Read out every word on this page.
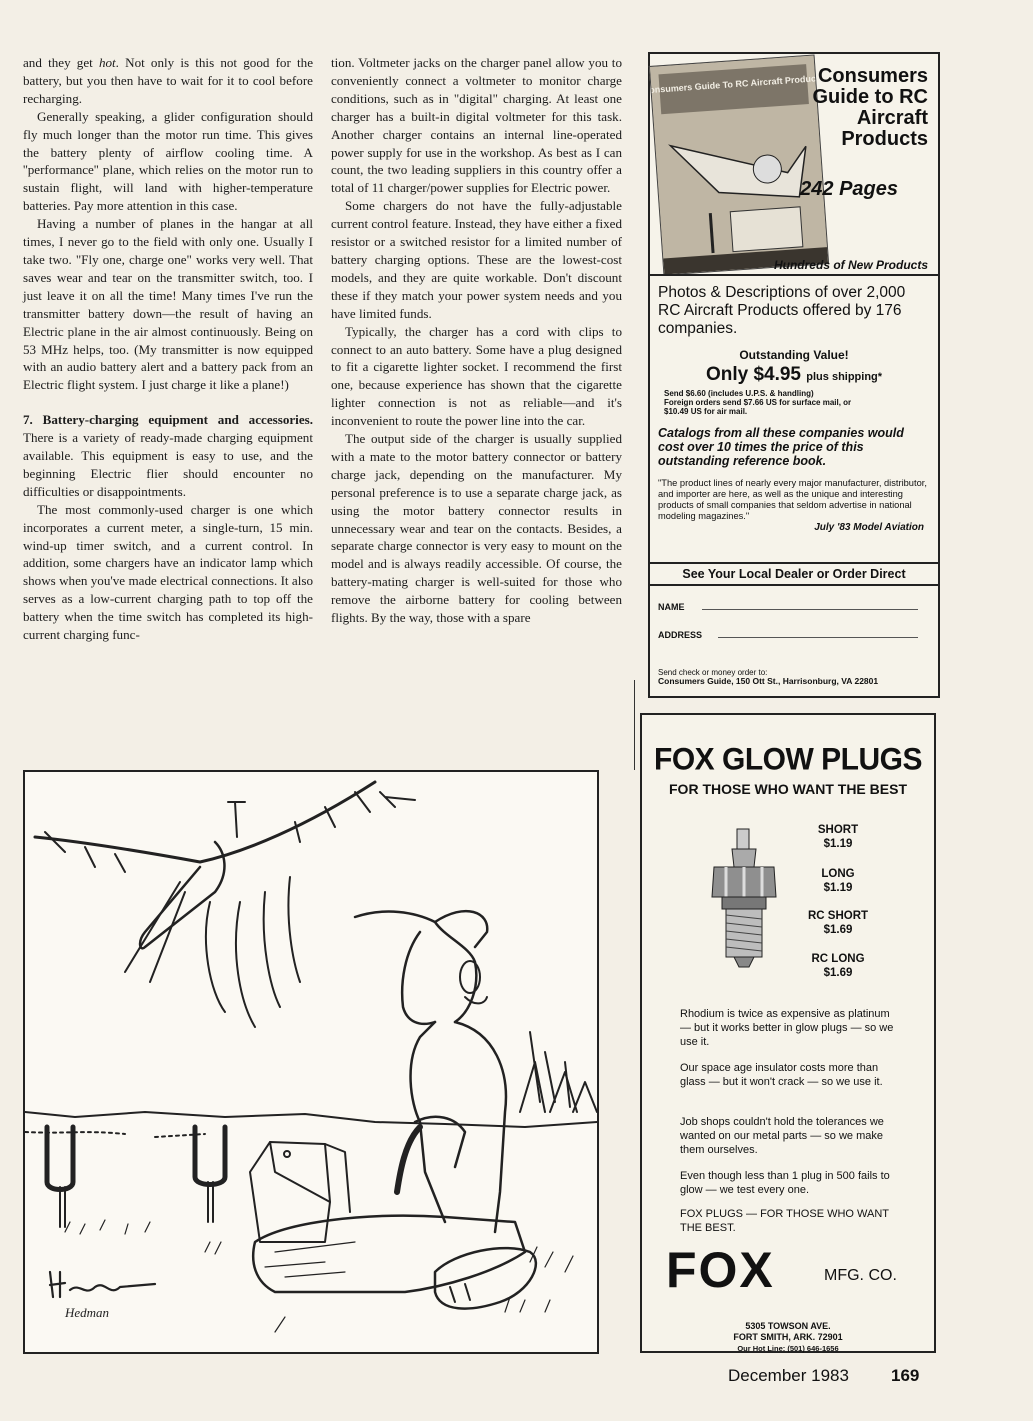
and they get hot. Not only is this not good for the battery, but you then have to wait for it to cool before recharging.

Generally speaking, a glider configuration should fly much longer than the motor run time. This gives the battery plenty of airflow cooling time. A ''performance'' plane, which relies on the motor run to sustain flight, will land with higher-temperature batteries. Pay more attention in this case.

Having a number of planes in the hangar at all times, I never go to the field with only one. Usually I take two. "Fly one, charge one" works very well. That saves wear and tear on the transmitter switch, too. I just leave it on all the time! Many times I've run the transmitter battery down—the result of having an Electric plane in the air almost continuously. Being on 53 MHz helps, too. (My transmitter is now equipped with an audio battery alert and a battery pack from an Electric flight system. I just charge it like a plane!)

7. Battery-charging equipment and accessories. There is a variety of ready-made charging equipment available. This equipment is easy to use, and the beginning Electric flier should encounter no difficulties or disappointments.

The most commonly-used charger is one which incorporates a current meter, a single-turn, 15 min. wind-up timer switch, and a current control. In addition, some chargers have an indicator lamp which shows when you've made electrical connections. It also serves as a low-current charging path to top off the battery when the time switch has completed its high-current charging func-

tion. Voltmeter jacks on the charger panel allow you to conveniently connect a voltmeter to monitor charge conditions, such as in "digital" charging. At least one charger has a built-in digital voltmeter for this task. Another charger contains an internal line-operated power supply for use in the workshop. As best as I can count, the two leading suppliers in this country offer a total of 11 charger/power supplies for Electric power.

Some chargers do not have the fully-adjustable current control feature. Instead, they have either a fixed resistor or a switched resistor for a limited number of battery charging options. These are the lowest-cost models, and they are quite workable. Don't discount these if they match your power system needs and you have limited funds.

Typically, the charger has a cord with clips to connect to an auto battery. Some have a plug designed to fit a cigarette lighter socket. I recommend the first one, because experience has shown that the cigarette lighter connection is not as reliable—and it's inconvenient to route the power line into the car.

The output side of the charger is usually supplied with a mate to the motor battery connector or battery charge jack, depending on the manufacturer. My personal preference is to use a separate charge jack, as using the motor battery connector results in unnecessary wear and tear on the contacts. Besides, a separate charge connector is very easy to mount on the model and is always readily accessible. Of course, the battery-mating charger is well-suited for those who remove the airborne battery for cooling between flights. By the way, those with a spare

Hedman
Consumers Guide To RC Aircraft Products
Consumers Guide to RC Aircraft Products
242 Pages
Hundreds of New Products
Photos & Descriptions of over 2,000 RC Aircraft Products offered by 176 companies.
Outstanding Value!
Only $4.95 plus shipping*
Send $6.60 (includes U.P.S. & handling)
Foreign orders send $7.66 US for surface mail, or
$10.49 US for air mail.
Catalogs from all these companies would cost over 10 times the price of this outstanding reference book.
"The product lines of nearly every major manufacturer, distributor, and importer are here, as well as the unique and interesting products of small companies that seldom advertise in national modeling magazines."
July '83 Model Aviation
See Your Local Dealer or Order Direct
NAME
ADDRESS
Send check or money order to:
Consumers Guide, 150 Ott St., Harrisonburg, VA 22801
FOX GLOW PLUGS
FOR THOSE WHO WANT THE BEST
SHORT
$1.19
LONG
$1.19
RC SHORT
$1.69
RC LONG
$1.69

Rhodium is twice as expensive as platinum — but it works better in glow plugs — so we use it.

Our space age insulator costs more than glass — but it won't crack — so we use it.

Job shops couldn't hold the tolerances we wanted on our metal parts — so we make them ourselves.

Even though less than 1 plug in 500 fails to glow — we test every one.

FOX PLUGS — FOR THOSE WHO WANT THE BEST.

FOX	MFG. CO.
5305 TOWSON AVE.
FORT SMITH, ARK. 72901
Our Hot Line: (501) 646-1656
December 1983 169
